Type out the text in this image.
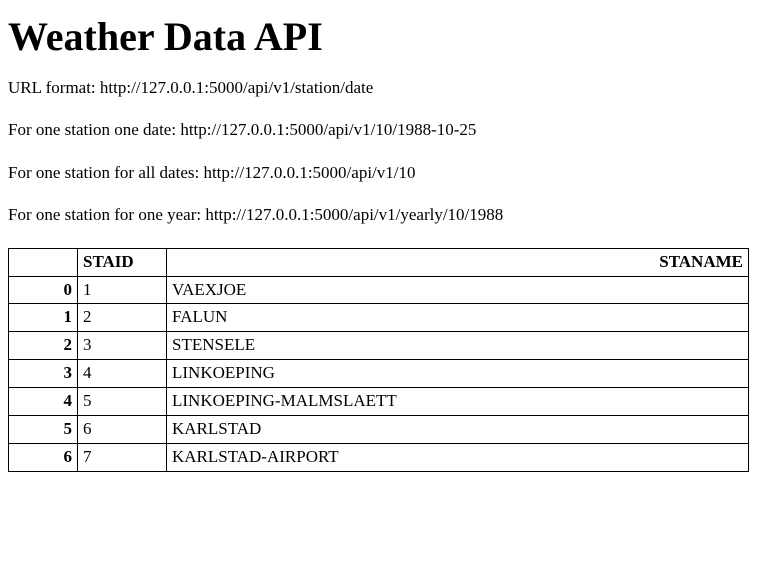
Weather Data API

URL format: http://127.0.0.1:5000/api/v1/station/date

For one station one date: http://127.0.0.1:5000/api/v1/10/1988-10-25

For one station for all dates: http://127.0.0.1:5000/api/v1/10

For one station for one year: http://127.0.0.1:5000/api/v1/yearly/10/1988

	STAID	STANAME
0	1	VAEXJOE
1	2	FALUN
2	3	STENSELE
3	4	LINKOEPING
4	5	LINKOEPING-MALMSLAETT
5	6	KARLSTAD
6	7	KARLSTAD-AIRPORT
